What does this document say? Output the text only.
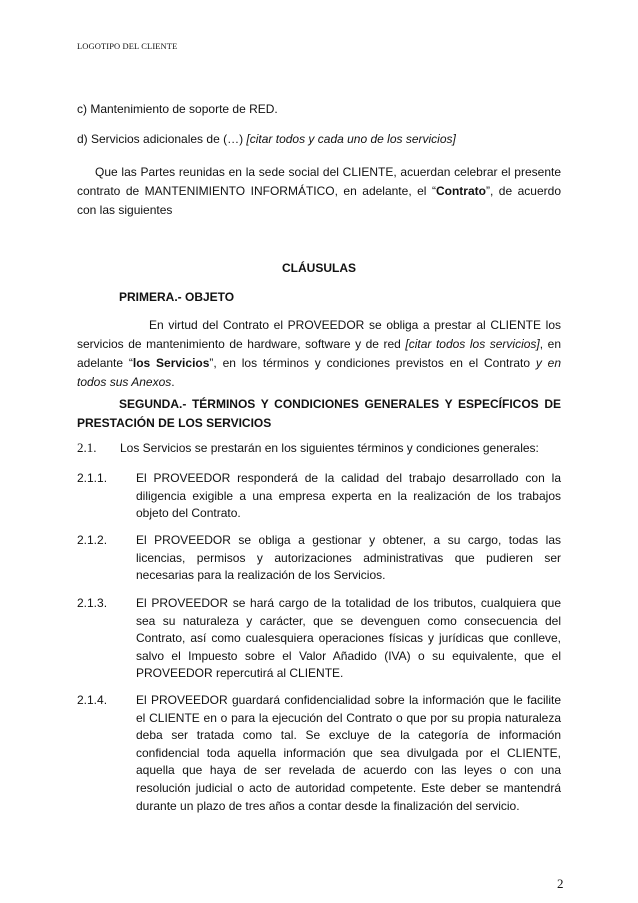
LOGOTIPO DEL CLIENTE
c) Mantenimiento de soporte de RED.
d) Servicios adicionales de (…) [citar todos y cada uno de los servicios]
Que las Partes reunidas en la sede social del CLIENTE, acuerdan celebrar el presente contrato de MANTENIMIENTO INFORMÁTICO, en adelante, el “Contrato”, de acuerdo con las siguientes
CLÁUSULAS
PRIMERA.- OBJETO
En virtud del Contrato el PROVEEDOR se obliga a prestar al CLIENTE los servicios de mantenimiento de hardware, software y de red [citar todos los servicios], en adelante “los Servicios”, en los términos y condiciones previstos en el Contrato y en todos sus Anexos.
SEGUNDA.- TÉRMINOS Y CONDICIONES GENERALES Y ESPECÍFICOS DE PRESTACIÓN DE LOS SERVICIOS
2.1. Los Servicios se prestarán en los siguientes términos y condiciones generales:
2.1.1. El PROVEEDOR responderá de la calidad del trabajo desarrollado con la diligencia exigible a una empresa experta en la realización de los trabajos objeto del Contrato.
2.1.2. El PROVEEDOR se obliga a gestionar y obtener, a su cargo, todas las licencias, permisos y autorizaciones administrativas que pudieren ser necesarias para la realización de los Servicios.
2.1.3. El PROVEEDOR se hará cargo de la totalidad de los tributos, cualquiera que sea su naturaleza y carácter, que se devenguen como consecuencia del Contrato, así como cualesquiera operaciones físicas y jurídicas que conlleve, salvo el Impuesto sobre el Valor Añadido (IVA) o su equivalente, que el PROVEEDOR repercutirá al CLIENTE.
2.1.4. El PROVEEDOR guardará confidencialidad sobre la información que le facilite el CLIENTE en o para la ejecución del Contrato o que por su propia naturaleza deba ser tratada como tal. Se excluye de la categoría de información confidencial toda aquella información que sea divulgada por el CLIENTE, aquella que haya de ser revelada de acuerdo con las leyes o con una resolución judicial o acto de autoridad competente. Este deber se mantendrá durante un plazo de tres años a contar desde la finalización del servicio.
2
